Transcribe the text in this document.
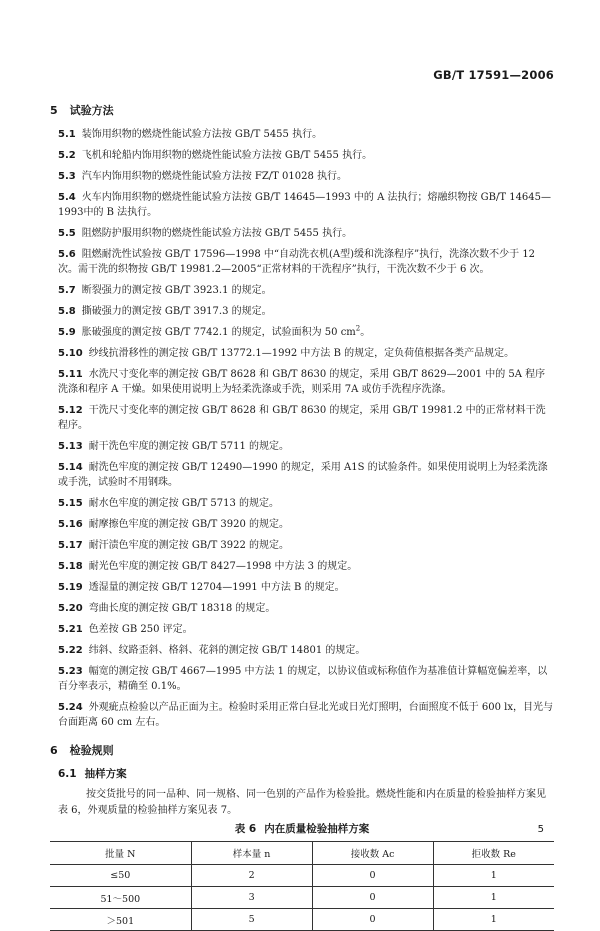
GB/T 17591—2006
5 试验方法
5.1 装饰用织物的燃烧性能试验方法按 GB/T 5455 执行。
5.2 飞机和轮船内饰用织物的燃烧性能试验方法按 GB/T 5455 执行。
5.3 汽车内饰用织物的燃烧性能试验方法按 FZ/T 01028 执行。
5.4 火车内饰用织物的燃烧性能试验方法按 GB/T 14645—1993 中的 A 法执行；熔融织物按 GB/T 14645—1993中的 B 法执行。
5.5 阻燃防护服用织物的燃烧性能试验方法按 GB/T 5455 执行。
5.6 阻燃耐洗性试验按 GB/T 17596—1998 中“自动洗衣机(A型)缓和洗涤程序”执行，洗涤次数不少于 12 次。需干洗的织物按 GB/T 19981.2—2005“正常材料的干洗程序”执行，干洗次数不少于 6 次。
5.7 断裂强力的测定按 GB/T 3923.1 的规定。
5.8 撕破强力的测定按 GB/T 3917.3 的规定。
5.9 胀破强度的测定按 GB/T 7742.1 的规定，试验面积为 50 $cm^2$。
5.10 纱线抗滑移性的测定按 GB/T 13772.1—1992 中方法 B 的规定，定负荷值根据各类产品规定。
5.11 水洗尺寸变化率的测定按 GB/T 8628 和 GB/T 8630 的规定，采用 GB/T 8629—2001 中的 5A 程序洗涤和程序 A 干燥。如果使用说明上为轻柔洗涤或手洗，则采用 7A 或仿手洗程序洗涤。
5.12 干洗尺寸变化率的测定按 GB/T 8628 和 GB/T 8630 的规定，采用 GB/T 19981.2 中的正常材料干洗程序。
5.13 耐干洗色牢度的测定按 GB/T 5711 的规定。
5.14 耐洗色牢度的测定按 GB/T 12490—1990 的规定，采用 A1S 的试验条件。如果使用说明上为轻柔洗涤或手洗，试验时不用钢珠。
5.15 耐水色牢度的测定按 GB/T 5713 的规定。
5.16 耐摩擦色牢度的测定按 GB/T 3920 的规定。
5.17 耐汗渍色牢度的测定按 GB/T 3922 的规定。
5.18 耐光色牢度的测定按 GB/T 8427—1998 中方法 3 的规定。
5.19 透湿量的测定按 GB/T 12704—1991 中方法 B 的规定。
5.20 弯曲长度的测定按 GB/T 18318 的规定。
5.21 色差按 GB 250 评定。
5.22 纬斜、纹路歪斜、格斜、花斜的测定按 GB/T 14801 的规定。
5.23 幅宽的测定按 GB/T 4667—1995 中方法 1 的规定，以协议值或标称值作为基准值计算幅宽偏差率，以百分率表示，精确至 0.1%。
5.24 外观疵点检验以产品正面为主。检验时采用正常白昼北光或日光灯照明，台面照度不低于 600 lx，目光与台面距离 60 cm 左右。
6 检验规则
6.1 抽样方案
按交货批号的同一品种、同一规格、同一色别的产品作为检验批。燃烧性能和内在质量的检验抽样方案见表 6，外观质量的检验抽样方案见表 7。
表 6 内在质量检验抽样方案
批量 N	样本量 n	接收数 Ac	拒收数 Re
≤50	2	0	1
51～500	3	0	1
＞501	5	0	1
5
